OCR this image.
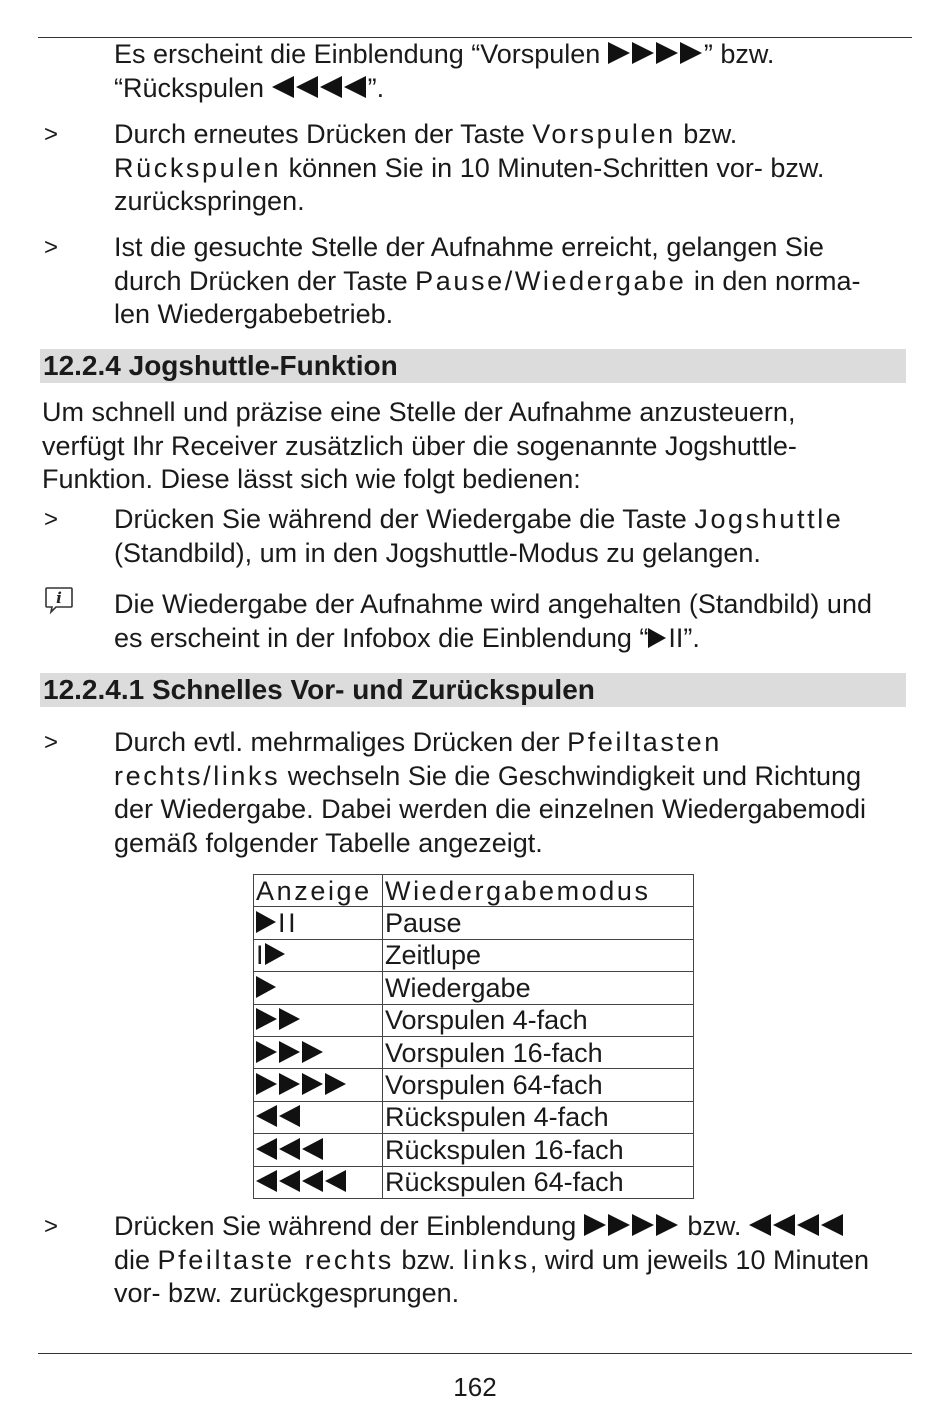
Es erscheint die Einblendung “Vorspulen	” bzw.
“Rückspulen	”.
> Durch erneutes Drücken der Taste Vorspulen bzw.
Rückspulen können Sie in 10 Minuten-Schritten vor- bzw.
zurückspringen.
> Ist die gesuchte Stelle der Aufnahme erreicht, gelangen Sie
durch Drücken der Taste Pause/Wiedergabe in den norma-
len Wiedergabebetrieb.
12.2.4 Jogshuttle-Funktion
Um schnell und präzise eine Stelle der Aufnahme anzusteuern,
verfügt Ihr Receiver zusätzlich über die sogenannte Jogshuttle-
Funktion. Diese lässt sich wie folgt bedienen:
> Drücken Sie während der Wiedergabe die Taste Jogshuttle
(Standbild), um in den Jogshuttle-Modus zu gelangen.
i Die Wiedergabe der Aufnahme wird angehalten (Standbild) und
es erscheint in der Infobox die Einblendung “ II”.
12.2.4.1 Schnelles Vor- und Zurückspulen
> Durch evtl. mehrmaliges Drücken der Pfeiltasten
rechts/links wechseln Sie die Geschwindigkeit und Richtung
der Wiedergabe. Dabei werden die einzelnen Wiedergabemodi
gemäß folgender Tabelle angezeigt.
Anzeige	Wiedergabemodus
II	Pause
I	Zeitlupe
	Wiedergabe
	Vorspulen 4-fach
	Vorspulen 16-fach
	Vorspulen 64-fach
	Rückspulen 4-fach
	Rückspulen 16-fach
	Rückspulen 64-fach
> Drücken Sie während der Einblendung	bzw.
die Pfeiltaste rechts bzw. links, wird um jeweils 10 Minuten
vor- bzw. zurückgesprungen.
162
